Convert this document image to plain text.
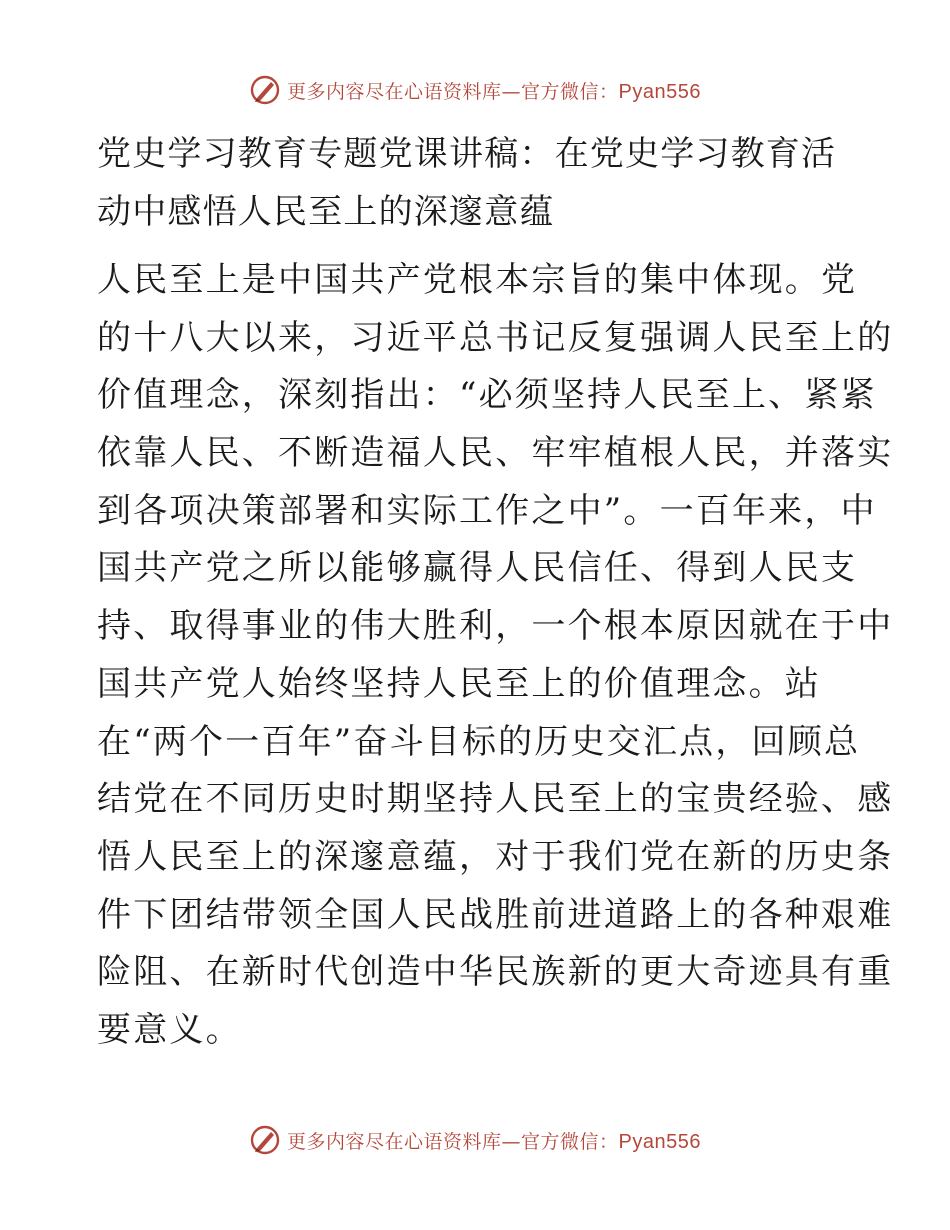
更多内容尽在心语资料库—官方微信：Pyan556
党史学习教育专题党课讲稿：在党史学习教育活
动中感悟人民至上的深邃意蕴
人民至上是中国共产党根本宗旨的集中体现。党
的十八大以来，习近平总书记反复强调人民至上的
价值理念，深刻指出：“必须坚持人民至上、紧紧
依靠人民、不断造福人民、牢牢植根人民，并落实
到各项决策部署和实际工作之中”。一百年来，中
国共产党之所以能够赢得人民信任、得到人民支
持、取得事业的伟大胜利，一个根本原因就在于中
国共产党人始终坚持人民至上的价值理念。站
在“两个一百年”奋斗目标的历史交汇点，回顾总
结党在不同历史时期坚持人民至上的宝贵经验、感
悟人民至上的深邃意蕴，对于我们党在新的历史条
件下团结带领全国人民战胜前进道路上的各种艰难
险阻、在新时代创造中华民族新的更大奇迹具有重
要意义。
更多内容尽在心语资料库—官方微信：Pyan556
